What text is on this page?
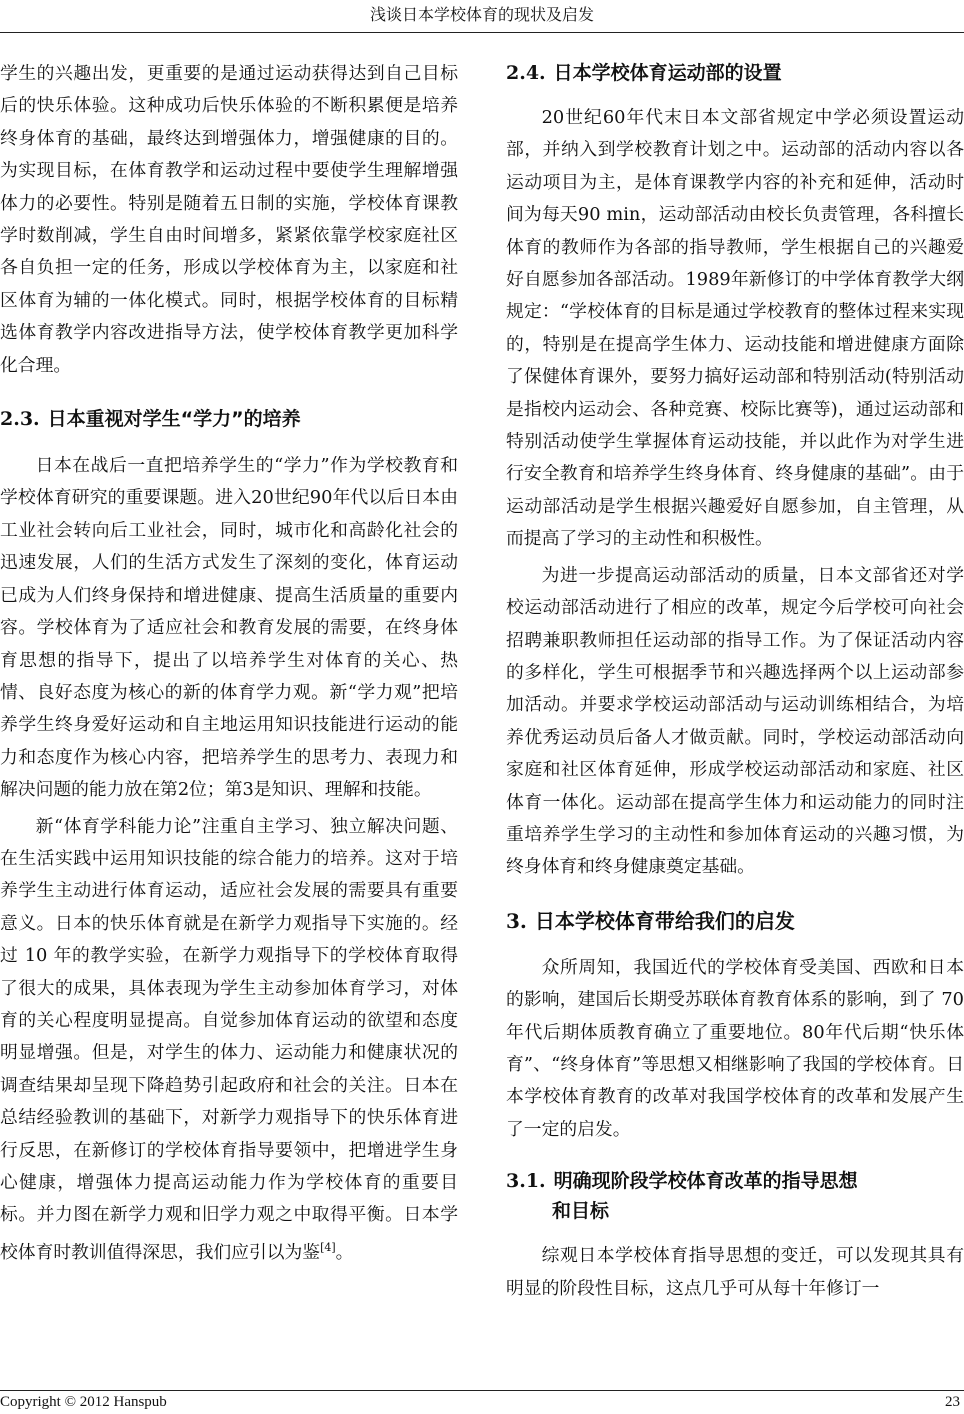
浅谈日本学校体育的现状及启发

学生的兴趣出发，更重要的是通过运动获得达到自己目标后的快乐体验。这种成功后快乐体验的不断积累便是培养终身体育的基础，最终达到增强体力，增强健康的目的。为实现目标，在体育教学和运动过程中要使学生理解增强体力的必要性。特别是随着五日制的实施，学校体育课教学时数削减，学生自由时间增多，紧紧依靠学校家庭社区各自负担一定的任务，形成以学校体育为主，以家庭和社区体育为辅的一体化模式。同时，根据学校体育的目标精选体育教学内容改进指导方法，使学校体育教学更加科学化合理。

2.3. 日本重视对学生“学力”的培养

日本在战后一直把培养学生的“学力”作为学校教育和学校体育研究的重要课题。进入20世纪90年代以后日本由工业社会转向后工业社会，同时，城市化和高龄化社会的迅速发展，人们的生活方式发生了深刻的变化，体育运动已成为人们终身保持和增进健康、提高生活质量的重要内容。学校体育为了适应社会和教育发展的需要，在终身体育思想的指导下，提出了以培养学生对体育的关心、热情、良好态度为核心的新的体育学力观。新“学力观”把培养学生终身爱好运动和自主地运用知识技能进行运动的能力和态度作为核心内容，把培养学生的思考力、表现力和解决问题的能力放在第2位；第3是知识、理解和技能。

新“体育学科能力论”注重自主学习、独立解决问题、在生活实践中运用知识技能的综合能力的培养。这对于培养学生主动进行体育运动，适应社会发展的需要具有重要意义。日本的快乐体育就是在新学力观指导下实施的。经过 10 年的教学实验，在新学力观指导下的学校体育取得了很大的成果，具体表现为学生主动参加体育学习，对体育的关心程度明显提高。自觉参加体育运动的欲望和态度明显增强。但是，对学生的体力、运动能力和健康状况的调查结果却呈现下降趋势引起政府和社会的关注。日本在总结经验教训的基础下，对新学力观指导下的快乐体育进行反思，在新修订的学校体育指导要领中，把增进学生身心健康，增强体力提高运动能力作为学校体育的重要目标。并力图在新学力观和旧学力观之中取得平衡。日本学校体育时教训值得深思，我们应引以为鉴[4]。

2.4. 日本学校体育运动部的设置

20世纪60年代末日本文部省规定中学必须设置运动部，并纳入到学校教育计划之中。运动部的活动内容以各运动项目为主，是体育课教学内容的补充和延伸，活动时间为每天90 min，运动部活动由校长负责管理，各科擅长体育的教师作为各部的指导教师，学生根据自己的兴趣爱好自愿参加各部活动。1989年新修订的中学体育教学大纲规定：“学校体育的目标是通过学校教育的整体过程来实现的，特别是在提高学生体力、运动技能和增进健康方面除了保健体育课外，要努力搞好运动部和特别活动(特别活动是指校内运动会、各种竞赛、校际比赛等)，通过运动部和特别活动使学生掌握体育运动技能，并以此作为对学生进行安全教育和培养学生终身体育、终身健康的基础”。由于运动部活动是学生根据兴趣爱好自愿参加，自主管理，从而提高了学习的主动性和积极性。

为进一步提高运动部活动的质量，日本文部省还对学校运动部活动进行了相应的改革，规定今后学校可向社会招聘兼职教师担任运动部的指导工作。为了保证活动内容的多样化，学生可根据季节和兴趣选择两个以上运动部参加活动。并要求学校运动部活动与运动训练相结合，为培养优秀运动员后备人才做贡献。同时，学校运动部活动向家庭和社区体育延伸，形成学校运动部活动和家庭、社区体育一体化。运动部在提高学生体力和运动能力的同时注重培养学生学习的主动性和参加体育运动的兴趣习惯，为终身体育和终身健康奠定基础。

3. 日本学校体育带给我们的启发

众所周知，我国近代的学校体育受美国、西欧和日本的影响，建国后长期受苏联体育教育体系的影响，到了 70 年代后期体质教育确立了重要地位。80年代后期“快乐体育”、“终身体育”等思想又相继影响了我国的学校体育。日本学校体育教育的改革对我国学校体育的改革和发展产生了一定的启发。

3.1. 明确现阶段学校体育改革的指导思想
和目标

综观日本学校体育指导思想的变迁，可以发现其具有明显的阶段性目标，这点几乎可从每十年修订一

Copyright © 2012 Hanspub	23
